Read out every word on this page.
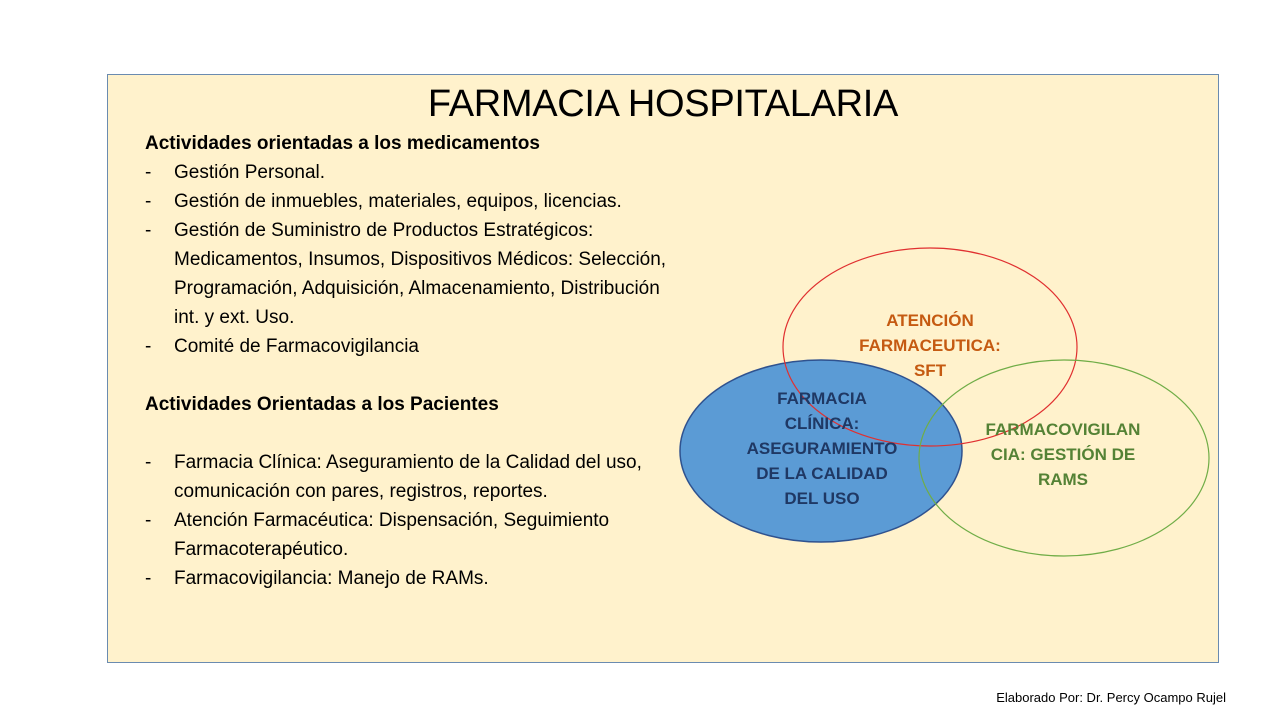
FARMACIA HOSPITALARIA

Actividades orientadas a los medicamentos

- Gestión Personal.
- Gestión de inmuebles, materiales, equipos, licencias.
- Gestión de Suministro de Productos Estratégicos: Medicamentos, Insumos, Dispositivos Médicos: Selección, Programación, Adquisición, Almacenamiento, Distribución int. y ext. Uso.
- Comité de Farmacovigilancia

Actividades Orientadas a los Pacientes

- Farmacia Clínica: Aseguramiento de la Calidad del uso, comunicación con pares, registros, reportes.
- Atención Farmacéutica: Dispensación, Seguimiento Farmacoterapéutico.
- Farmacovigilancia: Manejo de RAMs.
ATENCIÓN
FARMACEUTICA:
SFT
FARMACIA
CLÍNICA:
ASEGURAMIENTO
DE LA CALIDAD
DEL USO
FARMACOVIGILAN
CIA: GESTIÓN DE
RAMS
Elaborado Por: Dr. Percy Ocampo Rujel
